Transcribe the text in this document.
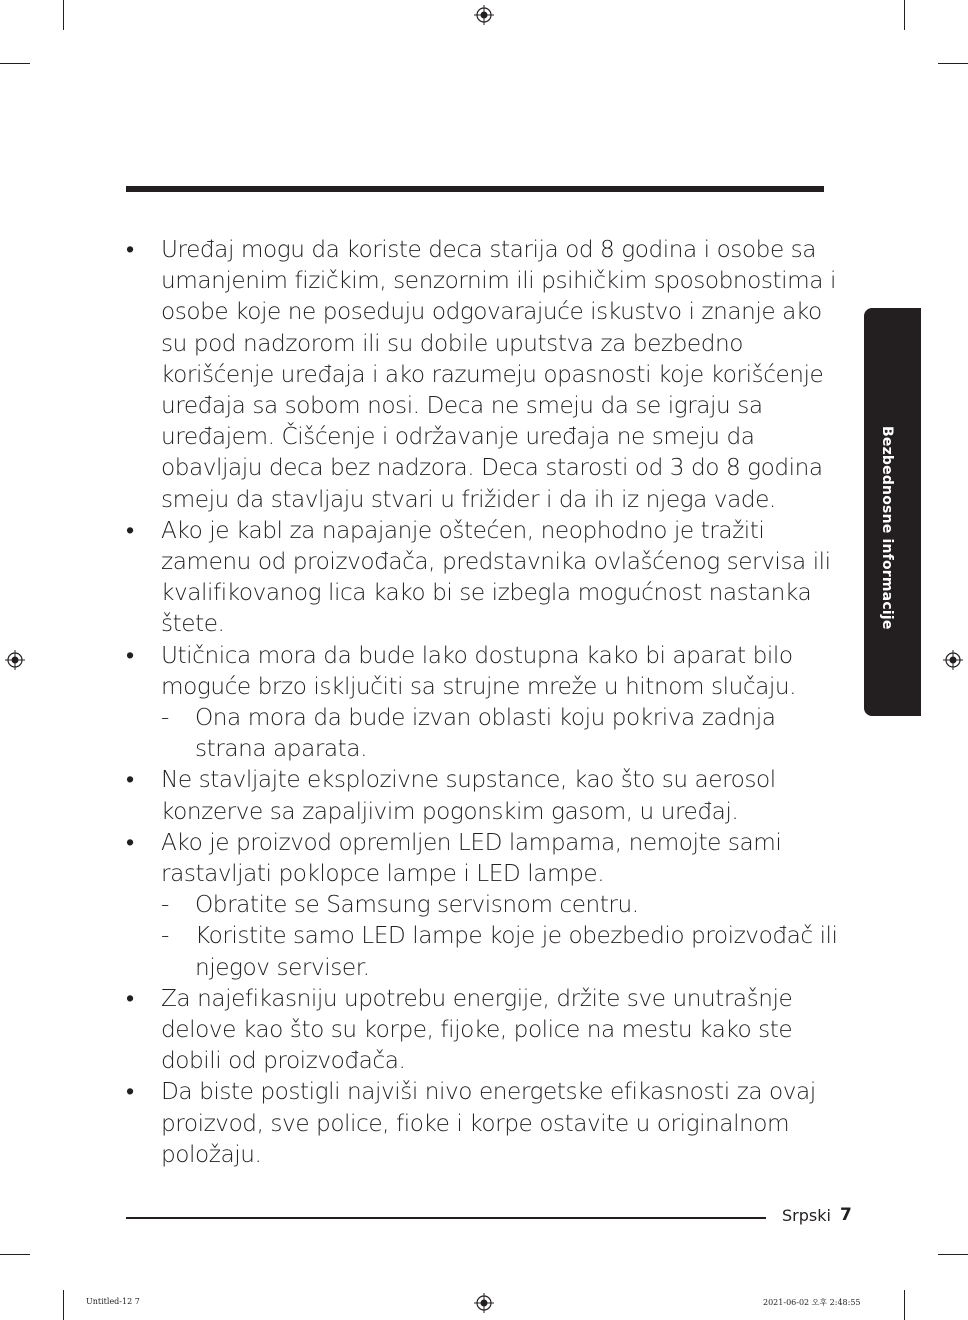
Bezbednosne informacije
•	Uređaj mogu da koriste deca starija od 8 godina i osobe sa umanjenim fizičkim, senzornim ili psihičkim sposobnostima i osobe koje ne poseduju odgovarajuće iskustvo i znanje ako su pod nadzorom ili su dobile uputstva za bezbedno korišćenje uređaja i ako razumeju opasnosti koje korišćenje uređaja sa sobom nosi. Deca ne smeju da se igraju sa uređajem. Čišćenje i održavanje uređaja ne smeju da obavljaju deca bez nadzora. Deca starosti od 3 do 8 godina smeju da stavljaju stvari u frižider i da ih iz njega vade.
•	Ako je kabl za napajanje oštećen, neophodno je tražiti zamenu od proizvođača, predstavnika ovlašćenog servisa ili kvalifikovanog lica kako bi se izbegla mogućnost nastanka štete.
•	Utičnica mora da bude lako dostupna kako bi aparat bilo moguće brzo isključiti sa strujne mreže u hitnom slučaju.
- Ona mora da bude izvan oblasti koju pokriva zadnja strana aparata.
•	Ne stavljajte eksplozivne supstance, kao što su aerosol konzerve sa zapaljivim pogonskim gasom, u uređaj.
•	Ako je proizvod opremljen LED lampama, nemojte sami rastavljati poklopce lampe i LED lampe.
- Obratite se Samsung servisnom centru.
- Koristite samo LED lampe koje je obezbedio proizvođač ili njegov serviser.
•	Za najefikasniju upotrebu energije, držite sve unutrašnje delove kao što su korpe, fijoke, police na mestu kako ste dobili od proizvođača.
•	Da biste postigli najviši nivo energetske efikasnosti za ovaj proizvod, sve police, fioke i korpe ostavite u originalnom položaju.
Srpski 7
Untitled-12 7	2021-06-02 오후 2:48:55
